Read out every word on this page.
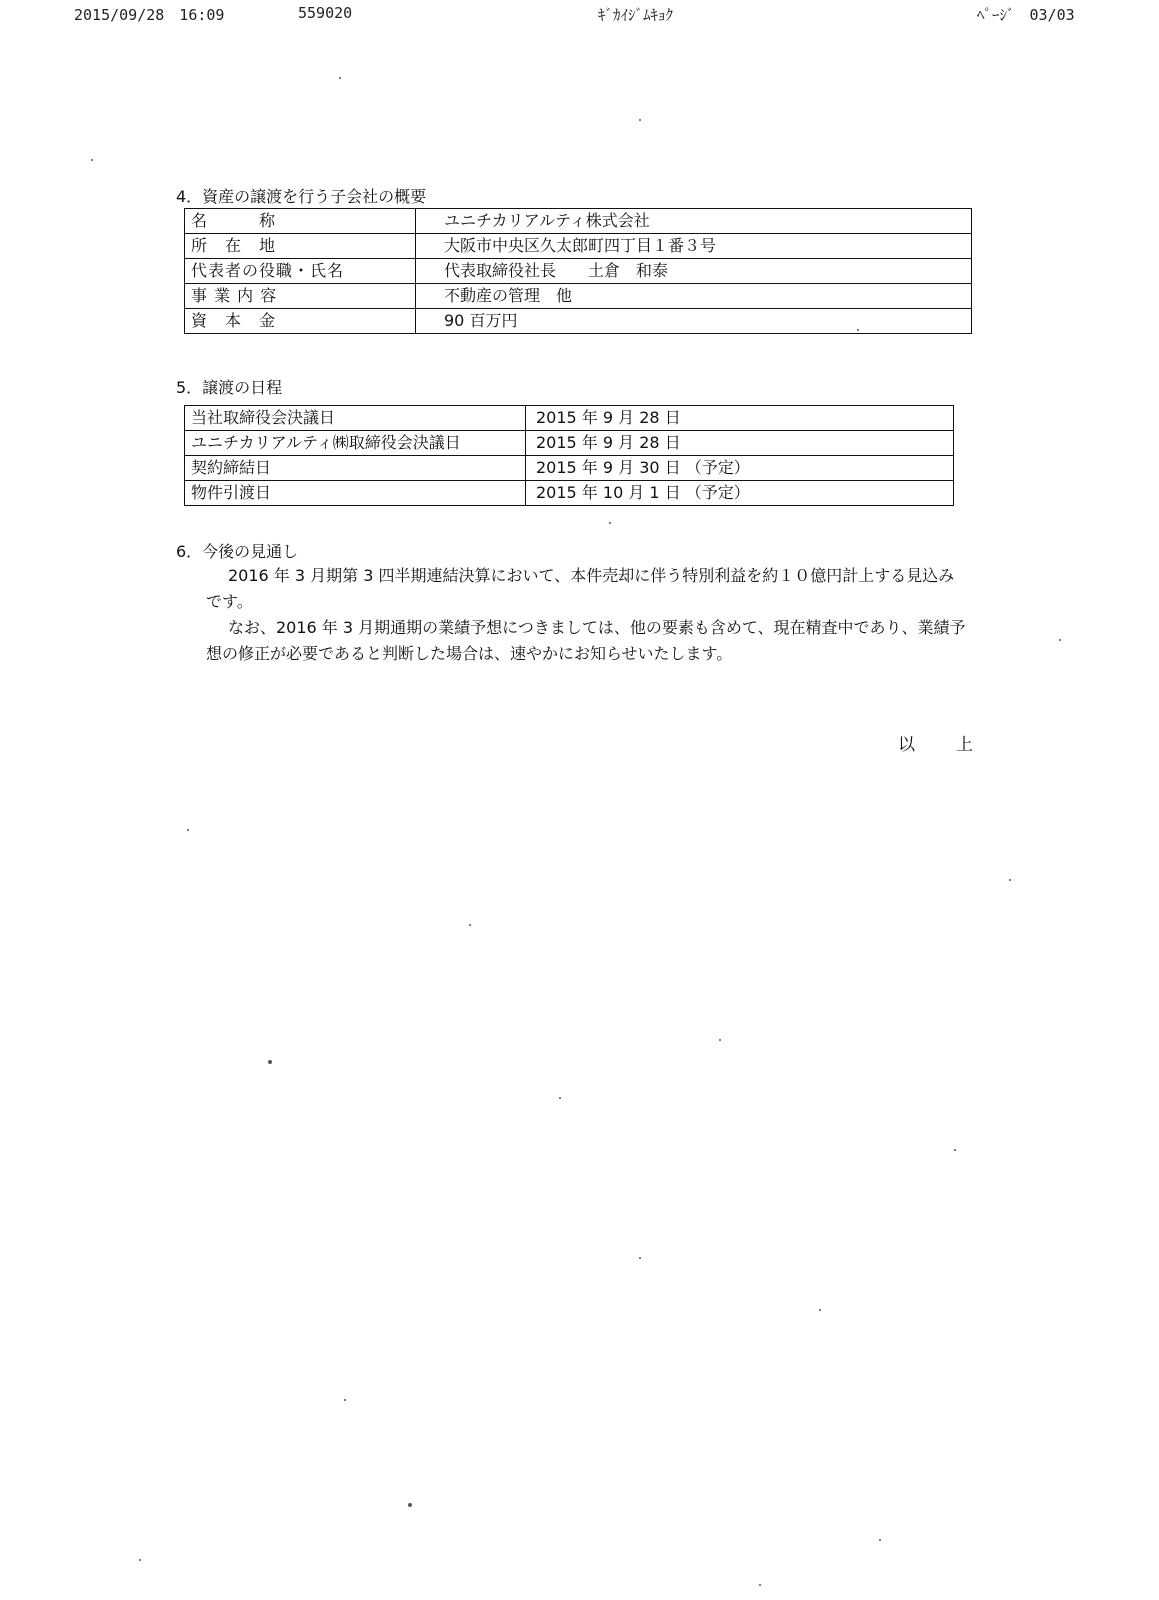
2015/09/28　16:09	559020	ｷﾞｶｲｼﾞﾑｷｮｸ	ﾍﾟｰｼﾞ　03/03
4．資産の譲渡を行う子会社の概要
名　　　称	ユニチカリアルティ株式会社
所　在　地	大阪市中央区久太郎町四丁目１番３号
代表者の役職・氏名	代表取締役社長　　土倉　和泰
事 業 内 容	不動産の管理　他
資　本　金	90 百万円
5．譲渡の日程
当社取締役会決議日	2015 年 9 月 28 日
ユニチカリアルティ㈱取締役会決議日	2015 年 9 月 28 日
契約締結日	2015 年 9 月 30 日 （予定）
物件引渡日	2015 年 10 月 1 日 （予定）
6．今後の見通し
2016 年 3 月期第 3 四半期連結決算において、本件売却に伴う特別利益を約１０億円計上する見込みです。
なお、2016 年 3 月期通期の業績予想につきましては、他の要素も含めて、現在精査中であり、業績予想の修正が必要であると判断した場合は、速やかにお知らせいたします。
以　上
